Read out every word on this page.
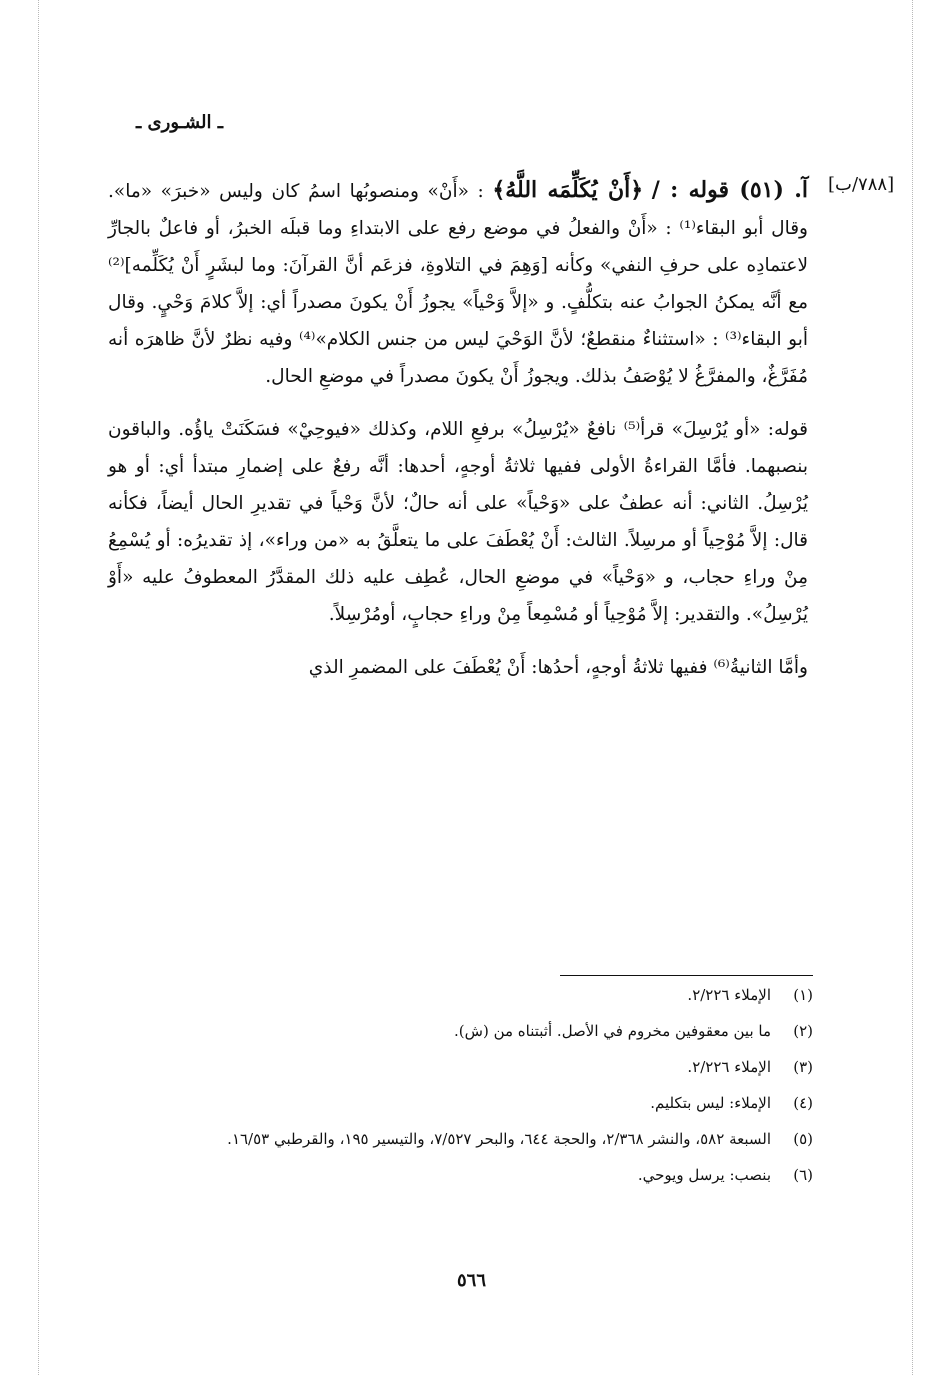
ـ الشـورى ـ
[٧٨٨/ب]

آ. (٥١) قوله : / ﴿أَنْ يُكَلِّمَه اللَّهُ﴾ : «أَنْ» ومنصوبُها اسمُ كان وليس «خبرَ» «ما». وقال أبو البقاء⁽¹⁾ : «أَنْ والفعلُ في موضع رفع على الابتداءِ وما قبلَه الخبرُ، أو فاعلٌ بالجارِّ لاعتمادِه على حرفِ النفي» وكأنه [وَهِمَ في التلاوةِ، فزعَم أنَّ القرآنَ: وما لبشَرٍ أَنْ يُكَلِّمه]⁽²⁾ مع أنَّه يمكنُ الجوابُ عنه بتكلُّفٍ. و «إلاَّ وَحْياً» يجوزُ أَنْ يكونَ مصدراً أي: إلاَّ كلامَ وَحْيٍ. وقال أبو البقاء⁽³⁾ : «استثناءٌ منقطعٌ؛ لأنَّ الوَحْيَ ليس من جنس الكلام»⁽⁴⁾ وفيه نظرٌ لأنَّ ظاهرَه أنه مُفَرَّغٌ، والمفرَّغُ لا يُوْصَفُ بذلك. ويجوزُ أَنْ يكونَ مصدراً في موضعِ الحال.

قوله: «أو يُرْسِلَ» قرأ⁽⁵⁾ نافعٌ «يُرْسِلُ» برفعِ اللام، وكذلك «فيوحِيْ» فسَكَنَتْ ياؤُه. والباقون بنصبهما. فأمَّا القراءةُ الأولى ففيها ثلاثةُ أوجهٍ، أحدها: أنَّه رفعٌ على إضمارِ مبتدأ أي: أو هو يُرْسِلُ. الثاني: أنه عطفٌ على «وَحْياً» على أنه حالٌ؛ لأنَّ وَحْياً في تقديرِ الحال أيضاً، فكأنه قال: إلاَّ مُوْحِياً أو مرسِلاً. الثالث: أَنْ يُعْطَفَ على ما يتعلَّقُ به «من وراء»، إذ تقديرُه: أو يُسْمِعُ مِنْ وراءِ حجاب، و «وَحْياً» في موضعِ الحال، عُطِف عليه ذلك المقدَّرُ المعطوفُ عليه «أَوْ يُرْسِلُ». والتقدير: إلاَّ مُوْحِياً أو مُسْمِعاً مِنْ وراءِ حجابٍ، أومُرْسِلاً.

وأمَّا الثانيةُ⁽⁶⁾ ففيها ثلاثةُ أوجهٍ، أحدُها: أَنْ يُعْطَفَ على المضمرِ الذي

(١)
الإملاء ٢/٢٢٦.
(٢)
ما بين معقوفين مخروم في الأصل. أثبتناه من (ش).
(٣)
الإملاء ٢/٢٢٦.
(٤)
الإملاء: ليس بتكليم.
(٥)
السبعة ٥٨٢، والنشر ٢/٣٦٨، والحجة ٦٤٤، والبحر ٧/٥٢٧، والتيسير ١٩٥، والقرطبي ١٦/٥٣.
(٦)
بنصب: يرسل ويوحي.
٥٦٦
